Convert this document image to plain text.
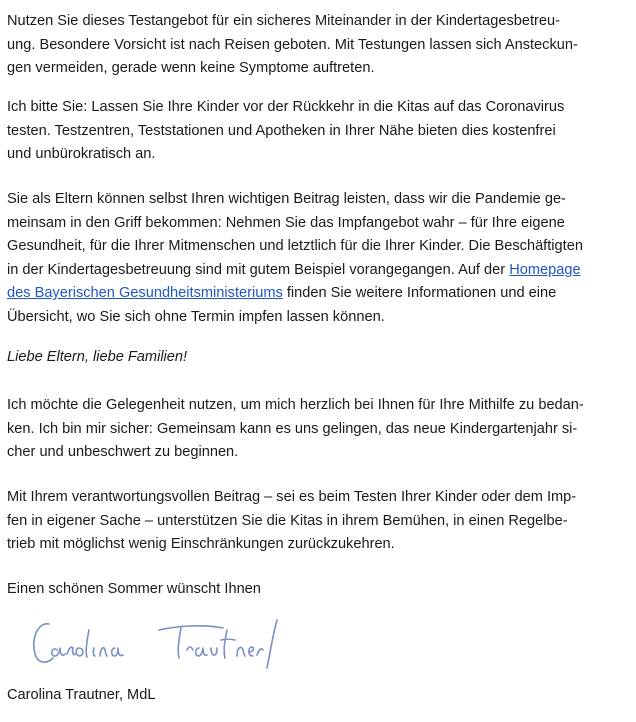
Nutzen Sie dieses Testangebot für ein sicheres Miteinander in der Kindertagesbetreu-
ung. Besondere Vorsicht ist nach Reisen geboten. Mit Testungen lassen sich Ansteckun-
gen vermeiden, gerade wenn keine Symptome auftreten.

Ich bitte Sie: Lassen Sie Ihre Kinder vor der Rückkehr in die Kitas auf das Coronavirus
testen. Testzentren, Teststationen und Apotheken in Ihrer Nähe bieten dies kostenfrei
und unbürokratisch an.

Sie als Eltern können selbst Ihren wichtigen Beitrag leisten, dass wir die Pandemie ge-
meinsam in den Griff bekommen: Nehmen Sie das Impfangebot wahr – für Ihre eigene
Gesundheit, für die Ihrer Mitmenschen und letztlich für die Ihrer Kinder. Die Beschäftigten
in der Kindertagesbetreuung sind mit gutem Beispiel vorangegangen. Auf der Homepage
des Bayerischen Gesundheitsministeriums finden Sie weitere Informationen und eine
Übersicht, wo Sie sich ohne Termin impfen lassen können.

Liebe Eltern, liebe Familien!

Ich möchte die Gelegenheit nutzen, um mich herzlich bei Ihnen für Ihre Mithilfe zu bedan-
ken. Ich bin mir sicher: Gemeinsam kann es uns gelingen, das neue Kindergartenjahr si-
cher und unbeschwert zu beginnen.

Mit Ihrem verantwortungsvollen Beitrag – sei es beim Testen Ihrer Kinder oder dem Imp-
fen in eigener Sache – unterstützen Sie die Kitas in ihrem Bemühen, in einen Regelbe-
trieb mit möglichst wenig Einschränkungen zurückzukehren.

Einen schönen Sommer wünscht Ihnen

Carolina Trautner, MdL
